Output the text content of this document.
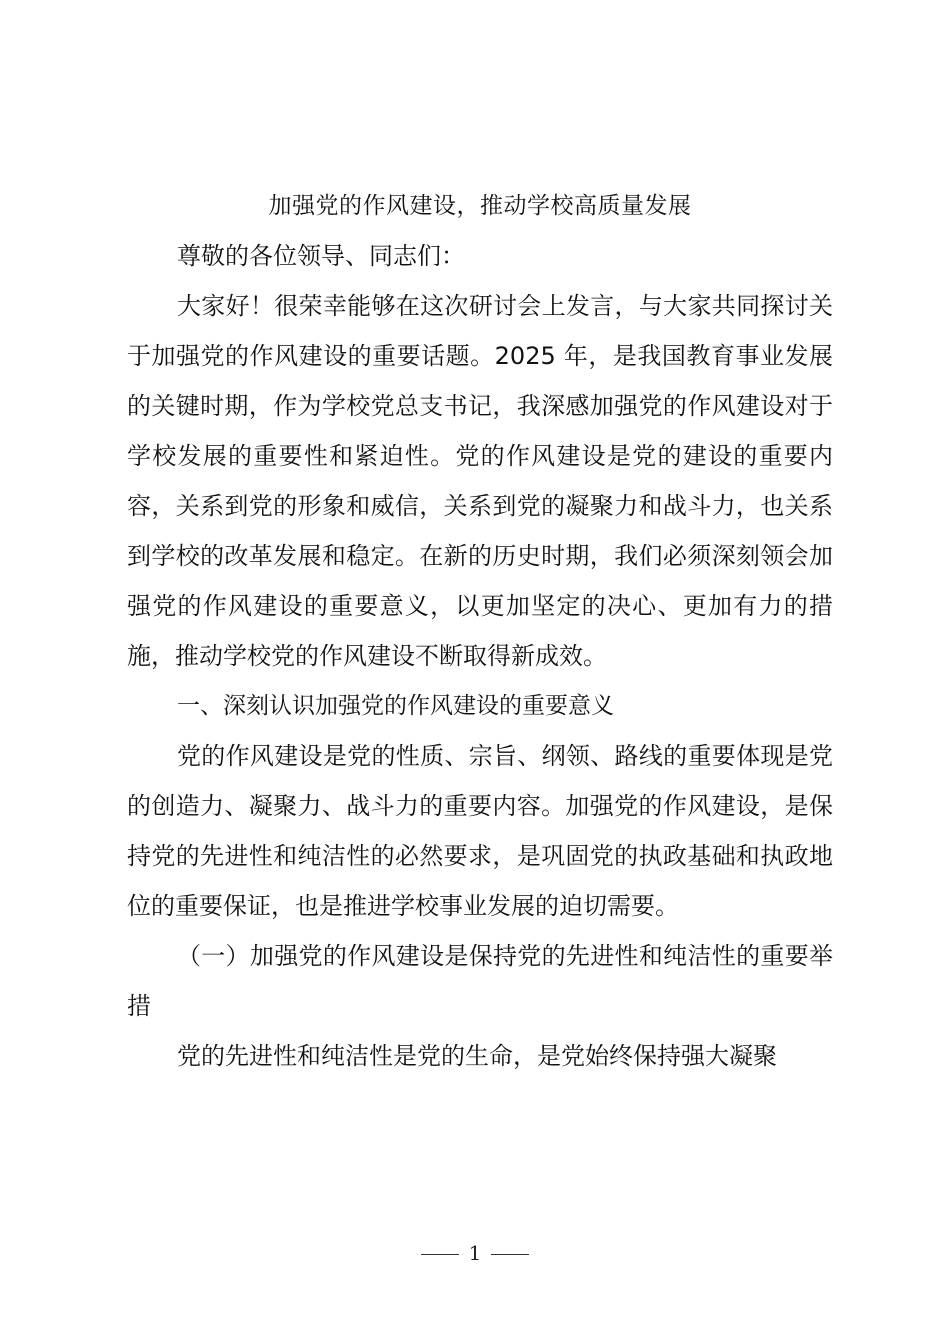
加强党的作风建设，推动学校高质量发展

尊敬的各位领导、同志们：

大家好！很荣幸能够在这次研讨会上发言，与大家共同探讨关于加强党的作风建设的重要话题。2025 年，是我国教育事业发展的关键时期，作为学校党总支书记，我深感加强党的作风建设对于学校发展的重要性和紧迫性。党的作风建设是党的建设的重要内容，关系到党的形象和威信，关系到党的凝聚力和战斗力，也关系到学校的改革发展和稳定。在新的历史时期，我们必须深刻领会加强党的作风建设的重要意义，以更加坚定的决心、更加有力的措施，推动学校党的作风建设不断取得新成效。

一、深刻认识加强党的作风建设的重要意义

党的作风建设是党的性质、宗旨、纲领、路线的重要体现是党的创造力、凝聚力、战斗力的重要内容。加强党的作风建设，是保持党的先进性和纯洁性的必然要求，是巩固党的执政基础和执政地位的重要保证，也是推进学校事业发展的迫切需要。

（一）加强党的作风建设是保持党的先进性和纯洁性的重要举措

党的先进性和纯洁性是党的生命，是党始终保持强大凝聚

1
